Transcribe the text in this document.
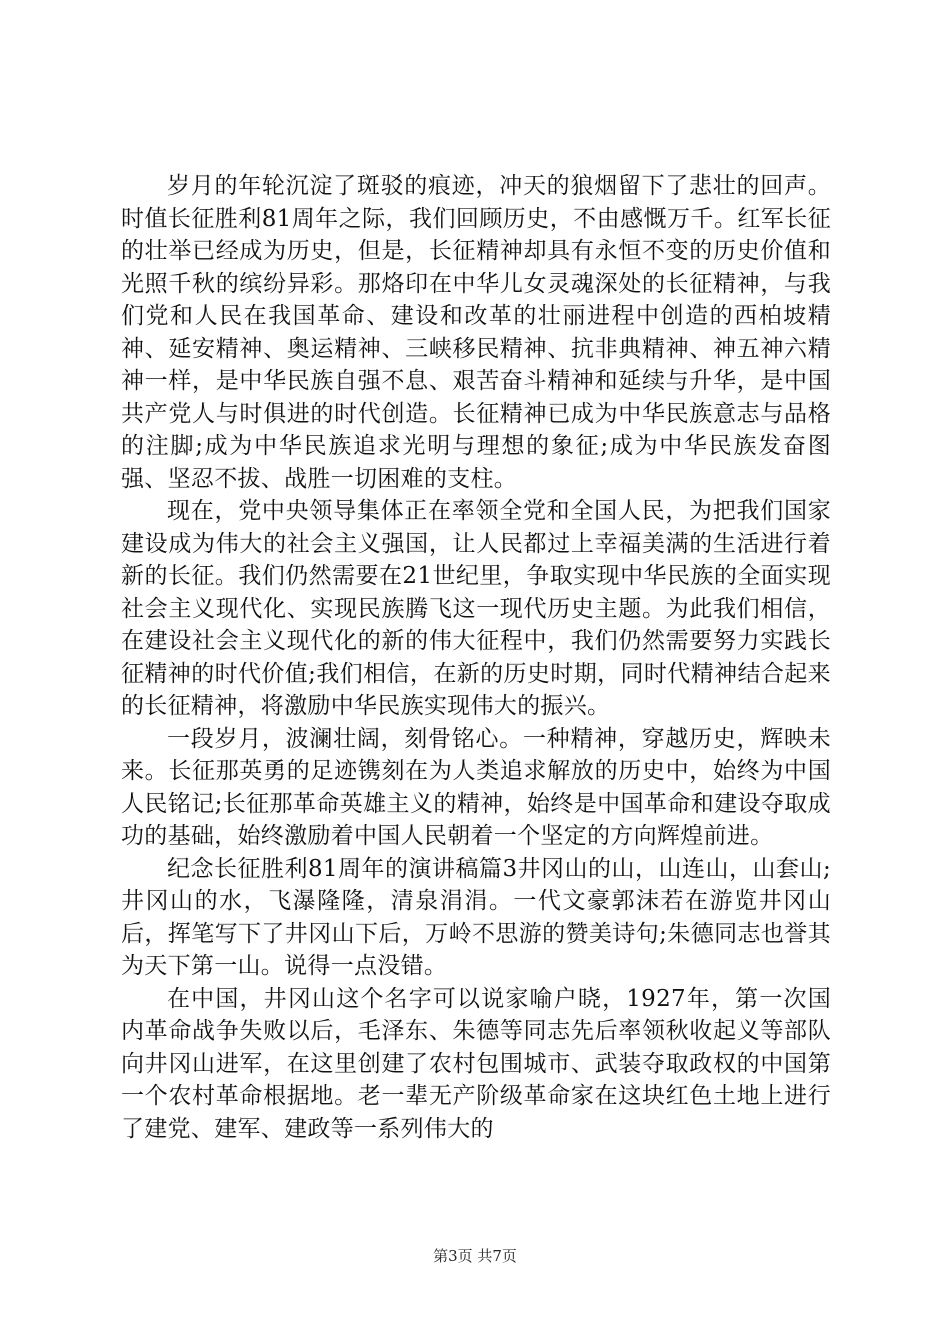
岁月的年轮沉淀了斑驳的痕迹，冲天的狼烟留下了悲壮的回声。时值长征胜利81周年之际，我们回顾历史，不由感慨万千。红军长征的壮举已经成为历史，但是，长征精神却具有永恒不变的历史价值和光照千秋的缤纷异彩。那烙印在中华儿女灵魂深处的长征精神，与我们党和人民在我国革命、建设和改革的壮丽进程中创造的西柏坡精神、延安精神、奥运精神、三峡移民精神、抗非典精神、神五神六精神一样，是中华民族自强不息、艰苦奋斗精神和延续与升华，是中国共产党人与时俱进的时代创造。长征精神已成为中华民族意志与品格的注脚;成为中华民族追求光明与理想的象征;成为中华民族发奋图强、坚忍不拔、战胜一切困难的支柱。

现在，党中央领导集体正在率领全党和全国人民，为把我们国家建设成为伟大的社会主义强国，让人民都过上幸福美满的生活进行着新的长征。我们仍然需要在21世纪里，争取实现中华民族的全面实现社会主义现代化、实现民族腾飞这一现代历史主题。为此我们相信，在建设社会主义现代化的新的伟大征程中，我们仍然需要努力实践长征精神的时代价值;我们相信，在新的历史时期，同时代精神结合起来的长征精神，将激励中华民族实现伟大的振兴。

一段岁月，波澜壮阔，刻骨铭心。一种精神，穿越历史，辉映未来。长征那英勇的足迹镌刻在为人类追求解放的历史中，始终为中国人民铭记;长征那革命英雄主义的精神，始终是中国革命和建设夺取成功的基础，始终激励着中国人民朝着一个坚定的方向辉煌前进。

纪念长征胜利81周年的演讲稿篇3井冈山的山，山连山，山套山;井冈山的水，飞瀑隆隆，清泉涓涓。一代文豪郭沫若在游览井冈山后，挥笔写下了井冈山下后，万岭不思游的赞美诗句;朱德同志也誉其为天下第一山。说得一点没错。

在中国，井冈山这个名字可以说家喻户晓，1927年，第一次国内革命战争失败以后，毛泽东、朱德等同志先后率领秋收起义等部队向井冈山进军，在这里创建了农村包围城市、武装夺取政权的中国第一个农村革命根据地。老一辈无产阶级革命家在这块红色土地上进行了建党、建军、建政等一系列伟大的

第3页 共7页
